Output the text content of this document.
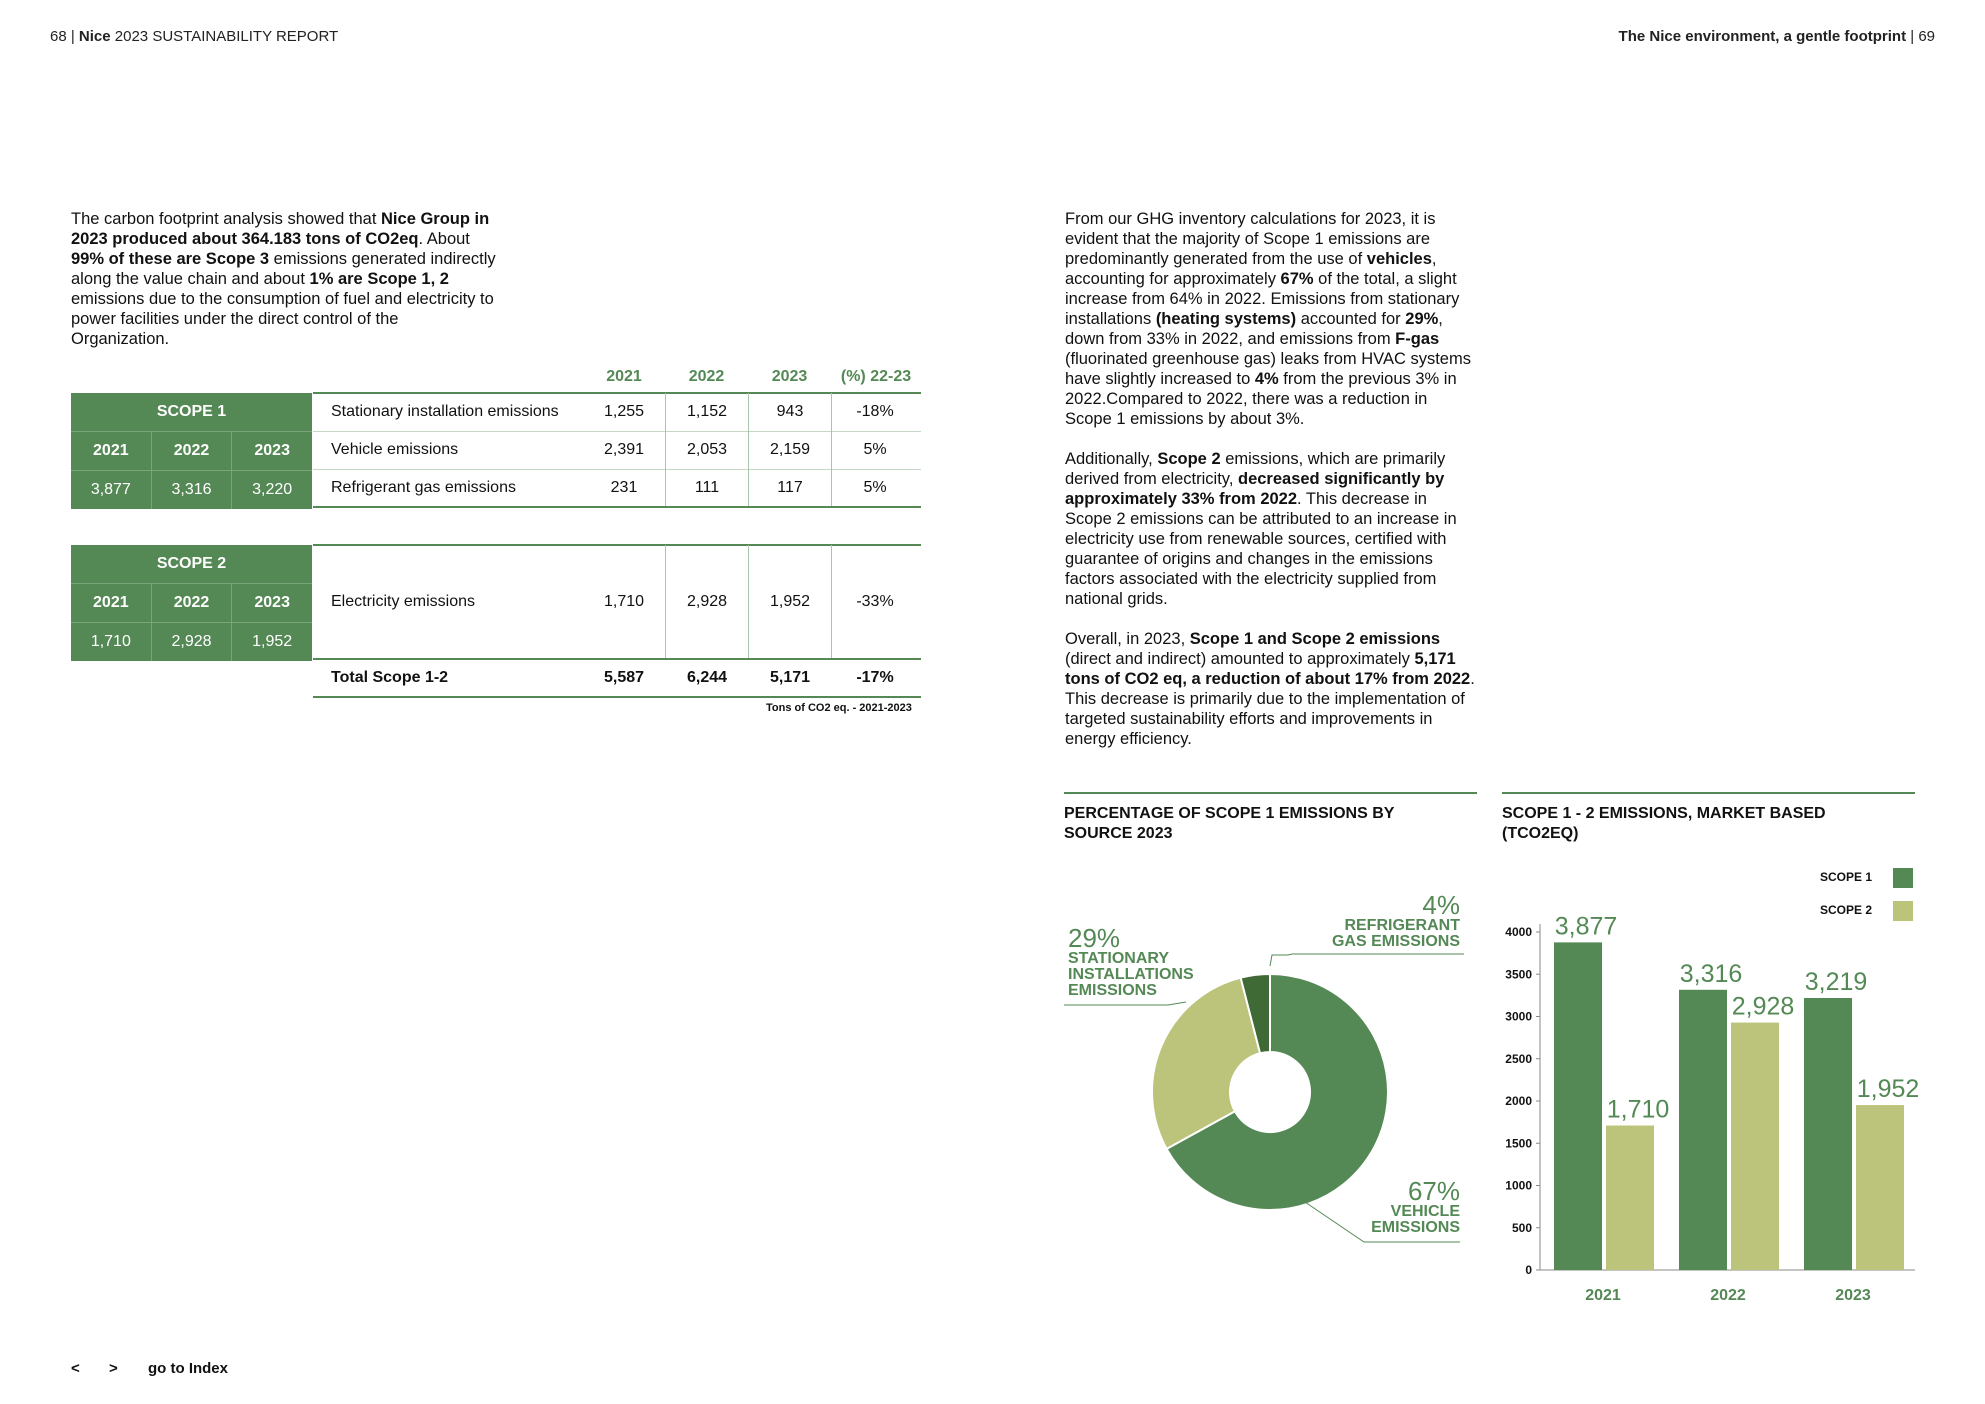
68 | Nice 2023 SUSTAINABILITY REPORT	The Nice environment, a gentle footprint | 69
The carbon footprint analysis showed that Nice Group in 2023 produced about 364.183 tons of CO2eq. About 99% of these are Scope 3 emissions generated indirectly along the value chain and about 1% are Scope 1, 2 emissions due to the consumption of fuel and electricity to power facilities under the direct control of the Organization.
2021	2022	2023	(%) 22-23
SCOPE 1
2021	2022	2023
3,877	3,316	3,220
SCOPE 2
2021	2022	2023
1,710	2,928	1,952
Stationary installation emissions	1,255	1,152	943	-18%
Vehicle emissions	2,391	2,053	2,159	5%
Refrigerant gas emissions	231	111	117	5%
Electricity emissions	1,710	2,928	1,952	-33%
Total Scope 1-2	5,587	6,244	5,171	-17%
Tons of CO2 eq. - 2021-2023

From our GHG inventory calculations for 2023, it is evident that the majority of Scope 1 emissions are predominantly generated from the use of vehicles, accounting for approximately 67% of the total, a slight increase from 64% in 2022. Emissions from stationary installations (heating systems) accounted for 29%, down from 33% in 2022, and emissions from F-gas (fluorinated greenhouse gas) leaks from HVAC systems have slightly increased to 4% from the previous 3% in 2022.Compared to 2022, there was a reduction in Scope 1 emissions by about 3%.

Additionally, Scope 2 emissions, which are primarily derived from electricity, decreased significantly by approximately 33% from 2022. This decrease in Scope 2 emissions can be attributed to an increase in electricity use from renewable sources, certified with guarantee of origins and changes in the emissions factors associated with the electricity supplied from national grids.

Overall, in 2023, Scope 1 and Scope 2 emissions (direct and indirect) amounted to approximately 5,171 tons of CO2 eq, a reduction of about 17% from 2022. This decrease is primarily due to the implementation of targeted sustainability efforts and improvements in energy efficiency.

PERCENTAGE OF SCOPE 1 EMISSIONS BY SOURCE 2023
SCOPE 1 - 2 EMISSIONS, MARKET BASED (TCO2EQ)
29%
STATIONARY INSTALLATIONS EMISSIONS
4%
REFRIGERANT GAS EMISSIONS
67%
VEHICLE EMISSIONS
SCOPE 1
SCOPE 2
0
500
1000
1500
2000
2500
3000
3500
4000 3,877
1,710
2021
3,316
2,928
2022
3,219
1,952
2023
< > go to Index
